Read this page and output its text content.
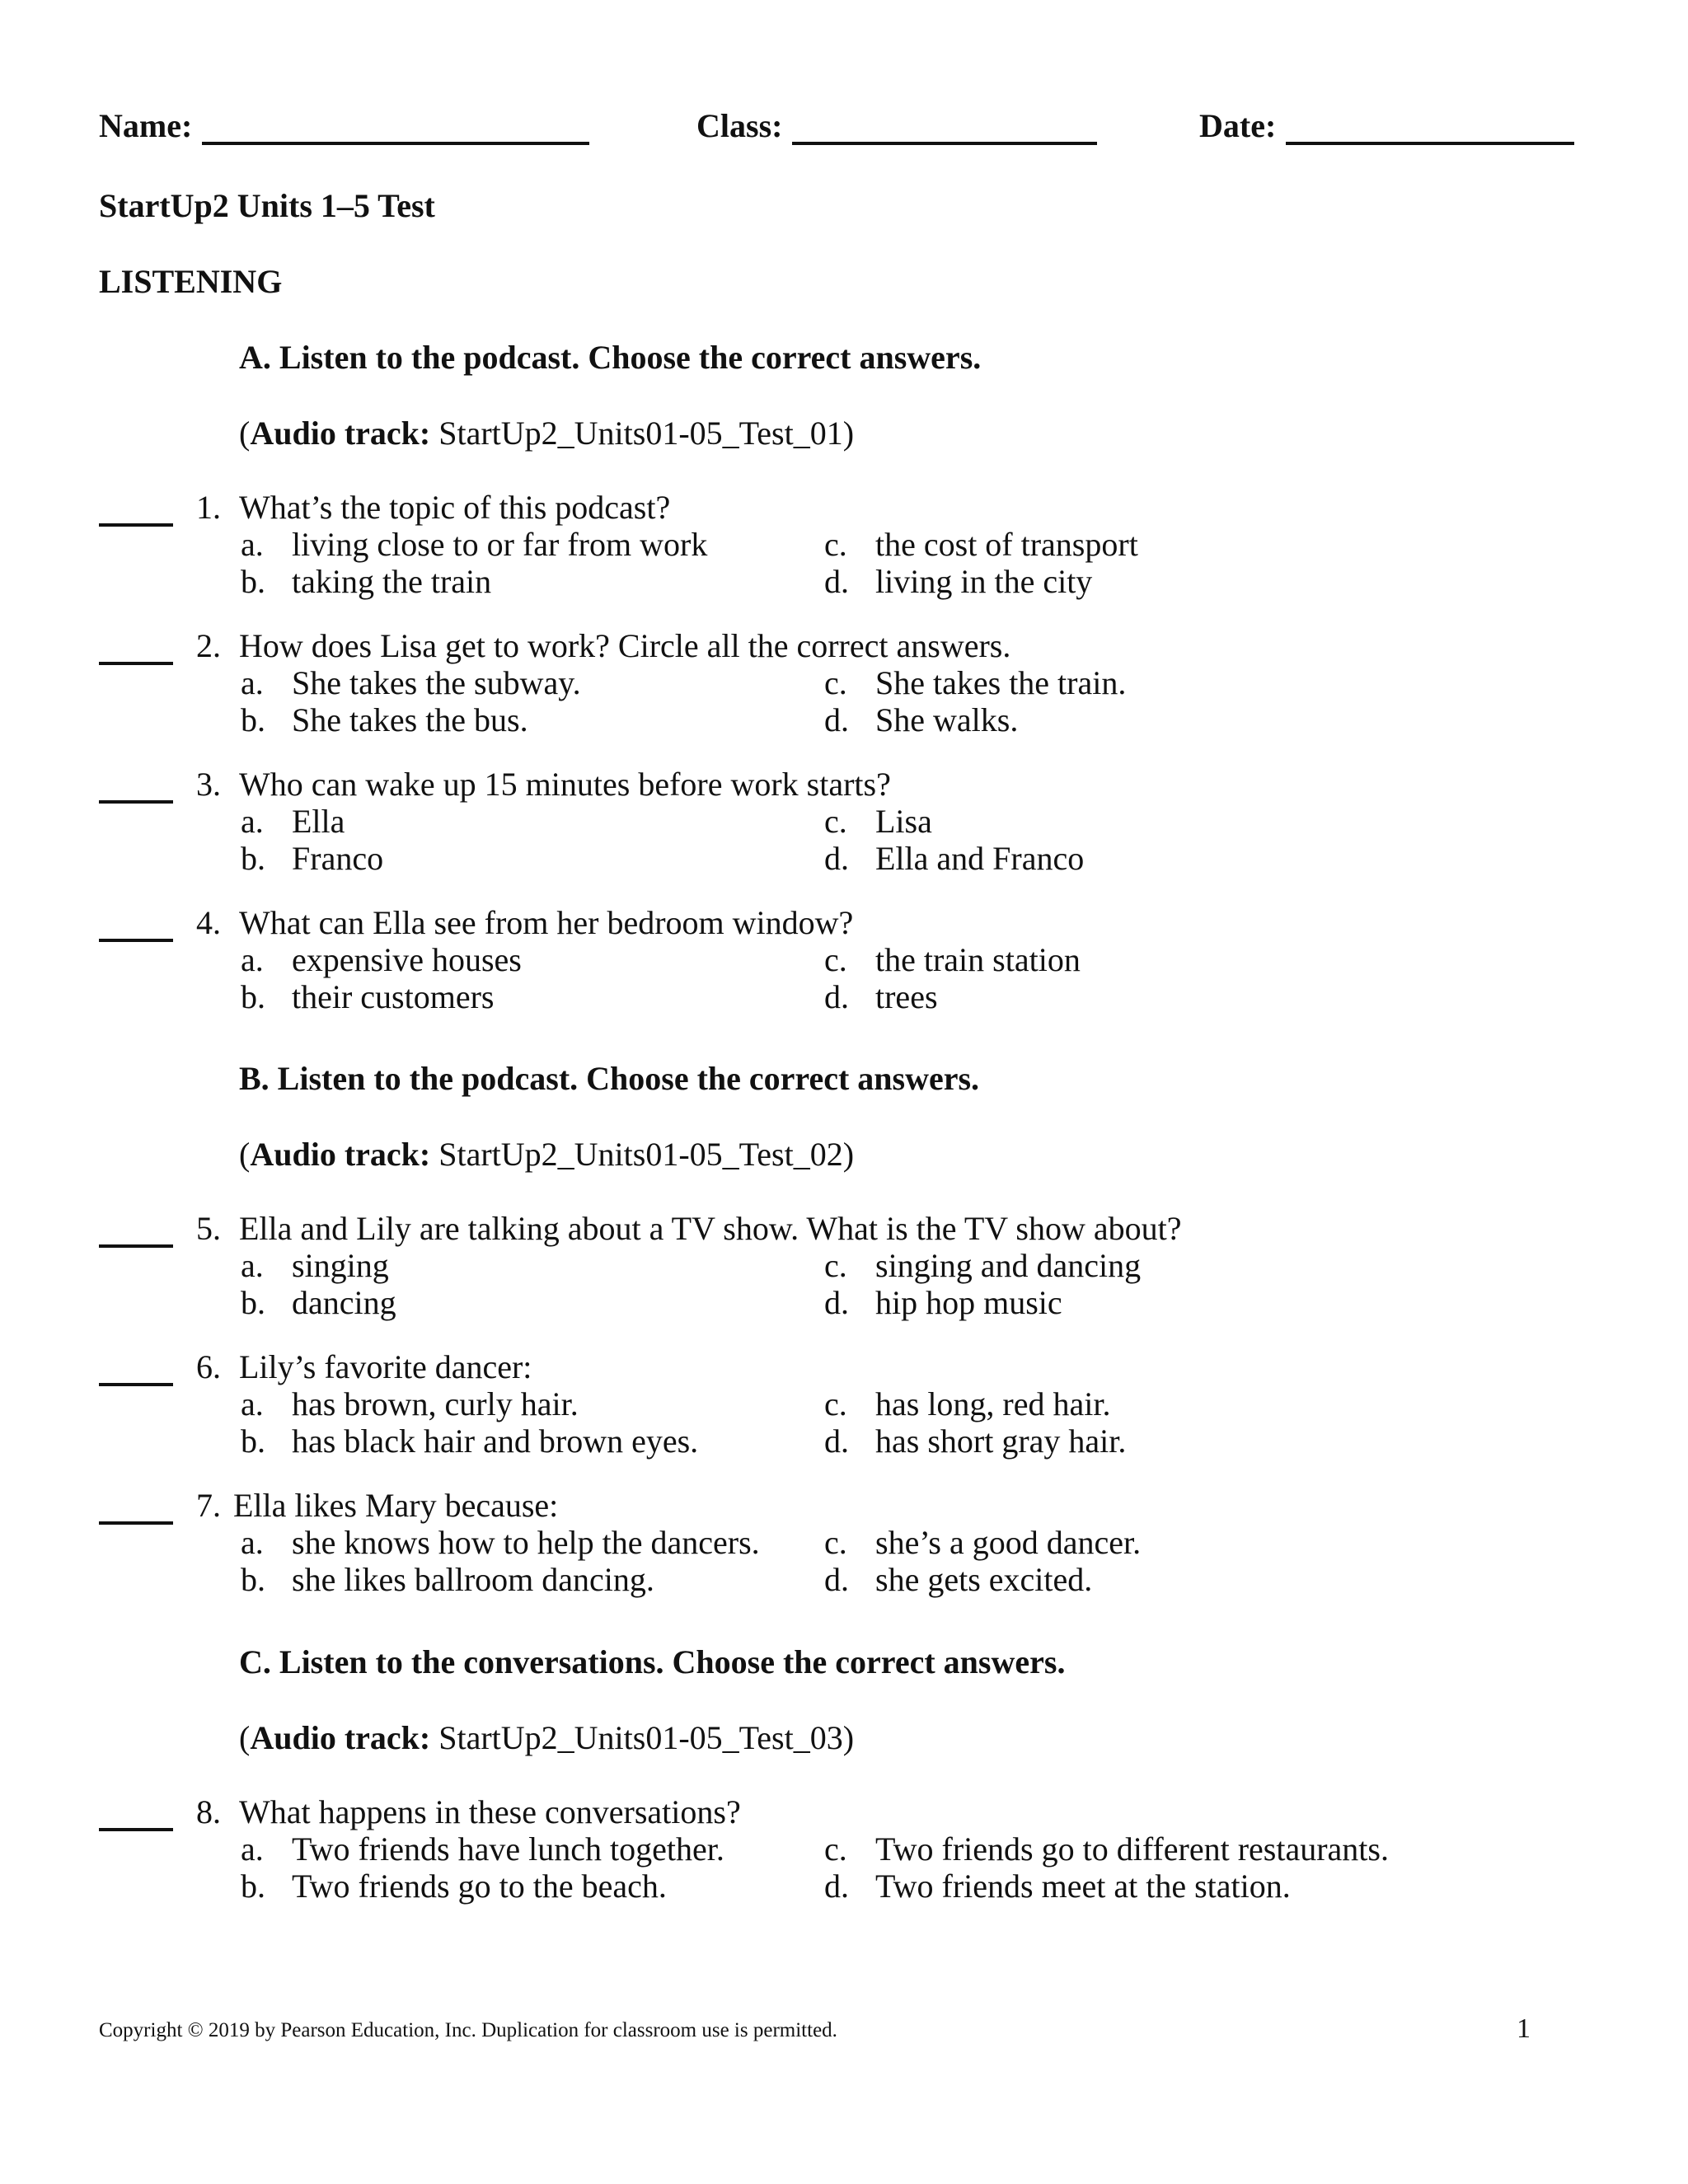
Name:	Class:	Date:
StartUp2 Units 1–5 Test
LISTENING
A. Listen to the podcast. Choose the correct answers.
(Audio track: StartUp2_Units01-05_Test_01)
1. What’s the topic of this podcast?
a. living close to or far from work
b. taking the train
c. the cost of transport
d. living in the city
2. How does Lisa get to work? Circle all the correct answers.
a. She takes the subway.
b. She takes the bus.
c. She takes the train.
d. She walks.
3. Who can wake up 15 minutes before work starts?
a. Ella
b. Franco
c. Lisa
d. Ella and Franco
4. What can Ella see from her bedroom window?
a. expensive houses
b. their customers
c. the train station
d. trees
B. Listen to the podcast. Choose the correct answers.
(Audio track: StartUp2_Units01-05_Test_02)
5. Ella and Lily are talking about a TV show. What is the TV show about?
a. singing
b. dancing
c. singing and dancing
d. hip hop music
6. Lily’s favorite dancer:
a. has brown, curly hair.
b. has black hair and brown eyes.
c. has long, red hair.
d. has short gray hair.
7. Ella likes Mary because:
a. she knows how to help the dancers.
b. she likes ballroom dancing.
c. she’s a good dancer.
d. she gets excited.
C. Listen to the conversations. Choose the correct answers.
(Audio track: StartUp2_Units01-05_Test_03)
8. What happens in these conversations?
a. Two friends have lunch together.
b. Two friends go to the beach.
c. Two friends go to different restaurants.
d. Two friends meet at the station.
Copyright © 2019 by Pearson Education, Inc. Duplication for classroom use is permitted.	1
